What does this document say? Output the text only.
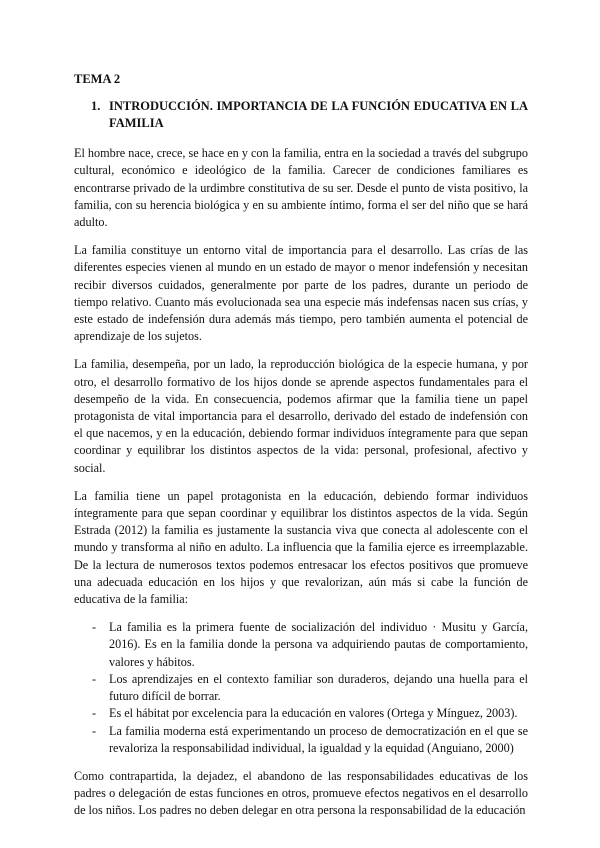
TEMA 2
1. INTRODUCCIÓN. IMPORTANCIA DE LA FUNCIÓN EDUCATIVA EN LA FAMILIA

El hombre nace, crece, se hace en y con la familia, entra en la sociedad a través del subgrupo cultural, económico e ideológico de la familia. Carecer de condiciones familiares es encontrarse privado de la urdimbre constitutiva de su ser. Desde el punto de vista positivo, la familia, con su herencia biológica y en su ambiente íntimo, forma el ser del niño que se hará adulto.

La familia constituye un entorno vital de importancia para el desarrollo. Las crías de las diferentes especies vienen al mundo en un estado de mayor o menor indefensión y necesitan recibir diversos cuidados, generalmente por parte de los padres, durante un periodo de tiempo relativo. Cuanto más evolucionada sea una especie más indefensas nacen sus crías, y este estado de indefensión dura además más tiempo, pero también aumenta el potencial de aprendizaje de los sujetos.

La familia, desempeña, por un lado, la reproducción biológica de la especie humana, y por otro, el desarrollo formativo de los hijos donde se aprende aspectos fundamentales para el desempeño de la vida. En consecuencia, podemos afirmar que la familia tiene un papel protagonista de vital importancia para el desarrollo, derivado del estado de indefensión con el que nacemos, y en la educación, debiendo formar individuos íntegramente para que sepan coordinar y equilibrar los distintos aspectos de la vida: personal, profesional, afectivo y social.

La familia tiene un papel protagonista en la educación, debiendo formar individuos íntegramente para que sepan coordinar y equilibrar los distintos aspectos de la vida. Según Estrada (2012) la familia es justamente la sustancia viva que conecta al adolescente con el mundo y transforma al niño en adulto. La influencia que la familia ejerce es irreemplazable. De la lectura de numerosos textos podemos entresacar los efectos positivos que promueve una adecuada educación en los hijos y que revalorizan, aún más si cabe la función de educativa de la familia:

-	La familia es la primera fuente de socialización del individuo · Musitu y García, 2016). Es en la familia donde la persona va adquiriendo pautas de comportamiento, valores y hábitos.
-	Los aprendizajes en el contexto familiar son duraderos, dejando una huella para el futuro difícil de borrar.
-	Es el hábitat por excelencia para la educación en valores (Ortega y Mínguez, 2003).
-	La familia moderna está experimentando un proceso de democratización en el que se revaloriza la responsabilidad individual, la igualdad y la equidad (Anguiano, 2000)

Como contrapartida, la dejadez, el abandono de las responsabilidades educativas de los padres o delegación de estas funciones en otros, promueve efectos negativos en el desarrollo de los niños. Los padres no deben delegar en otra persona la responsabilidad de la educación
